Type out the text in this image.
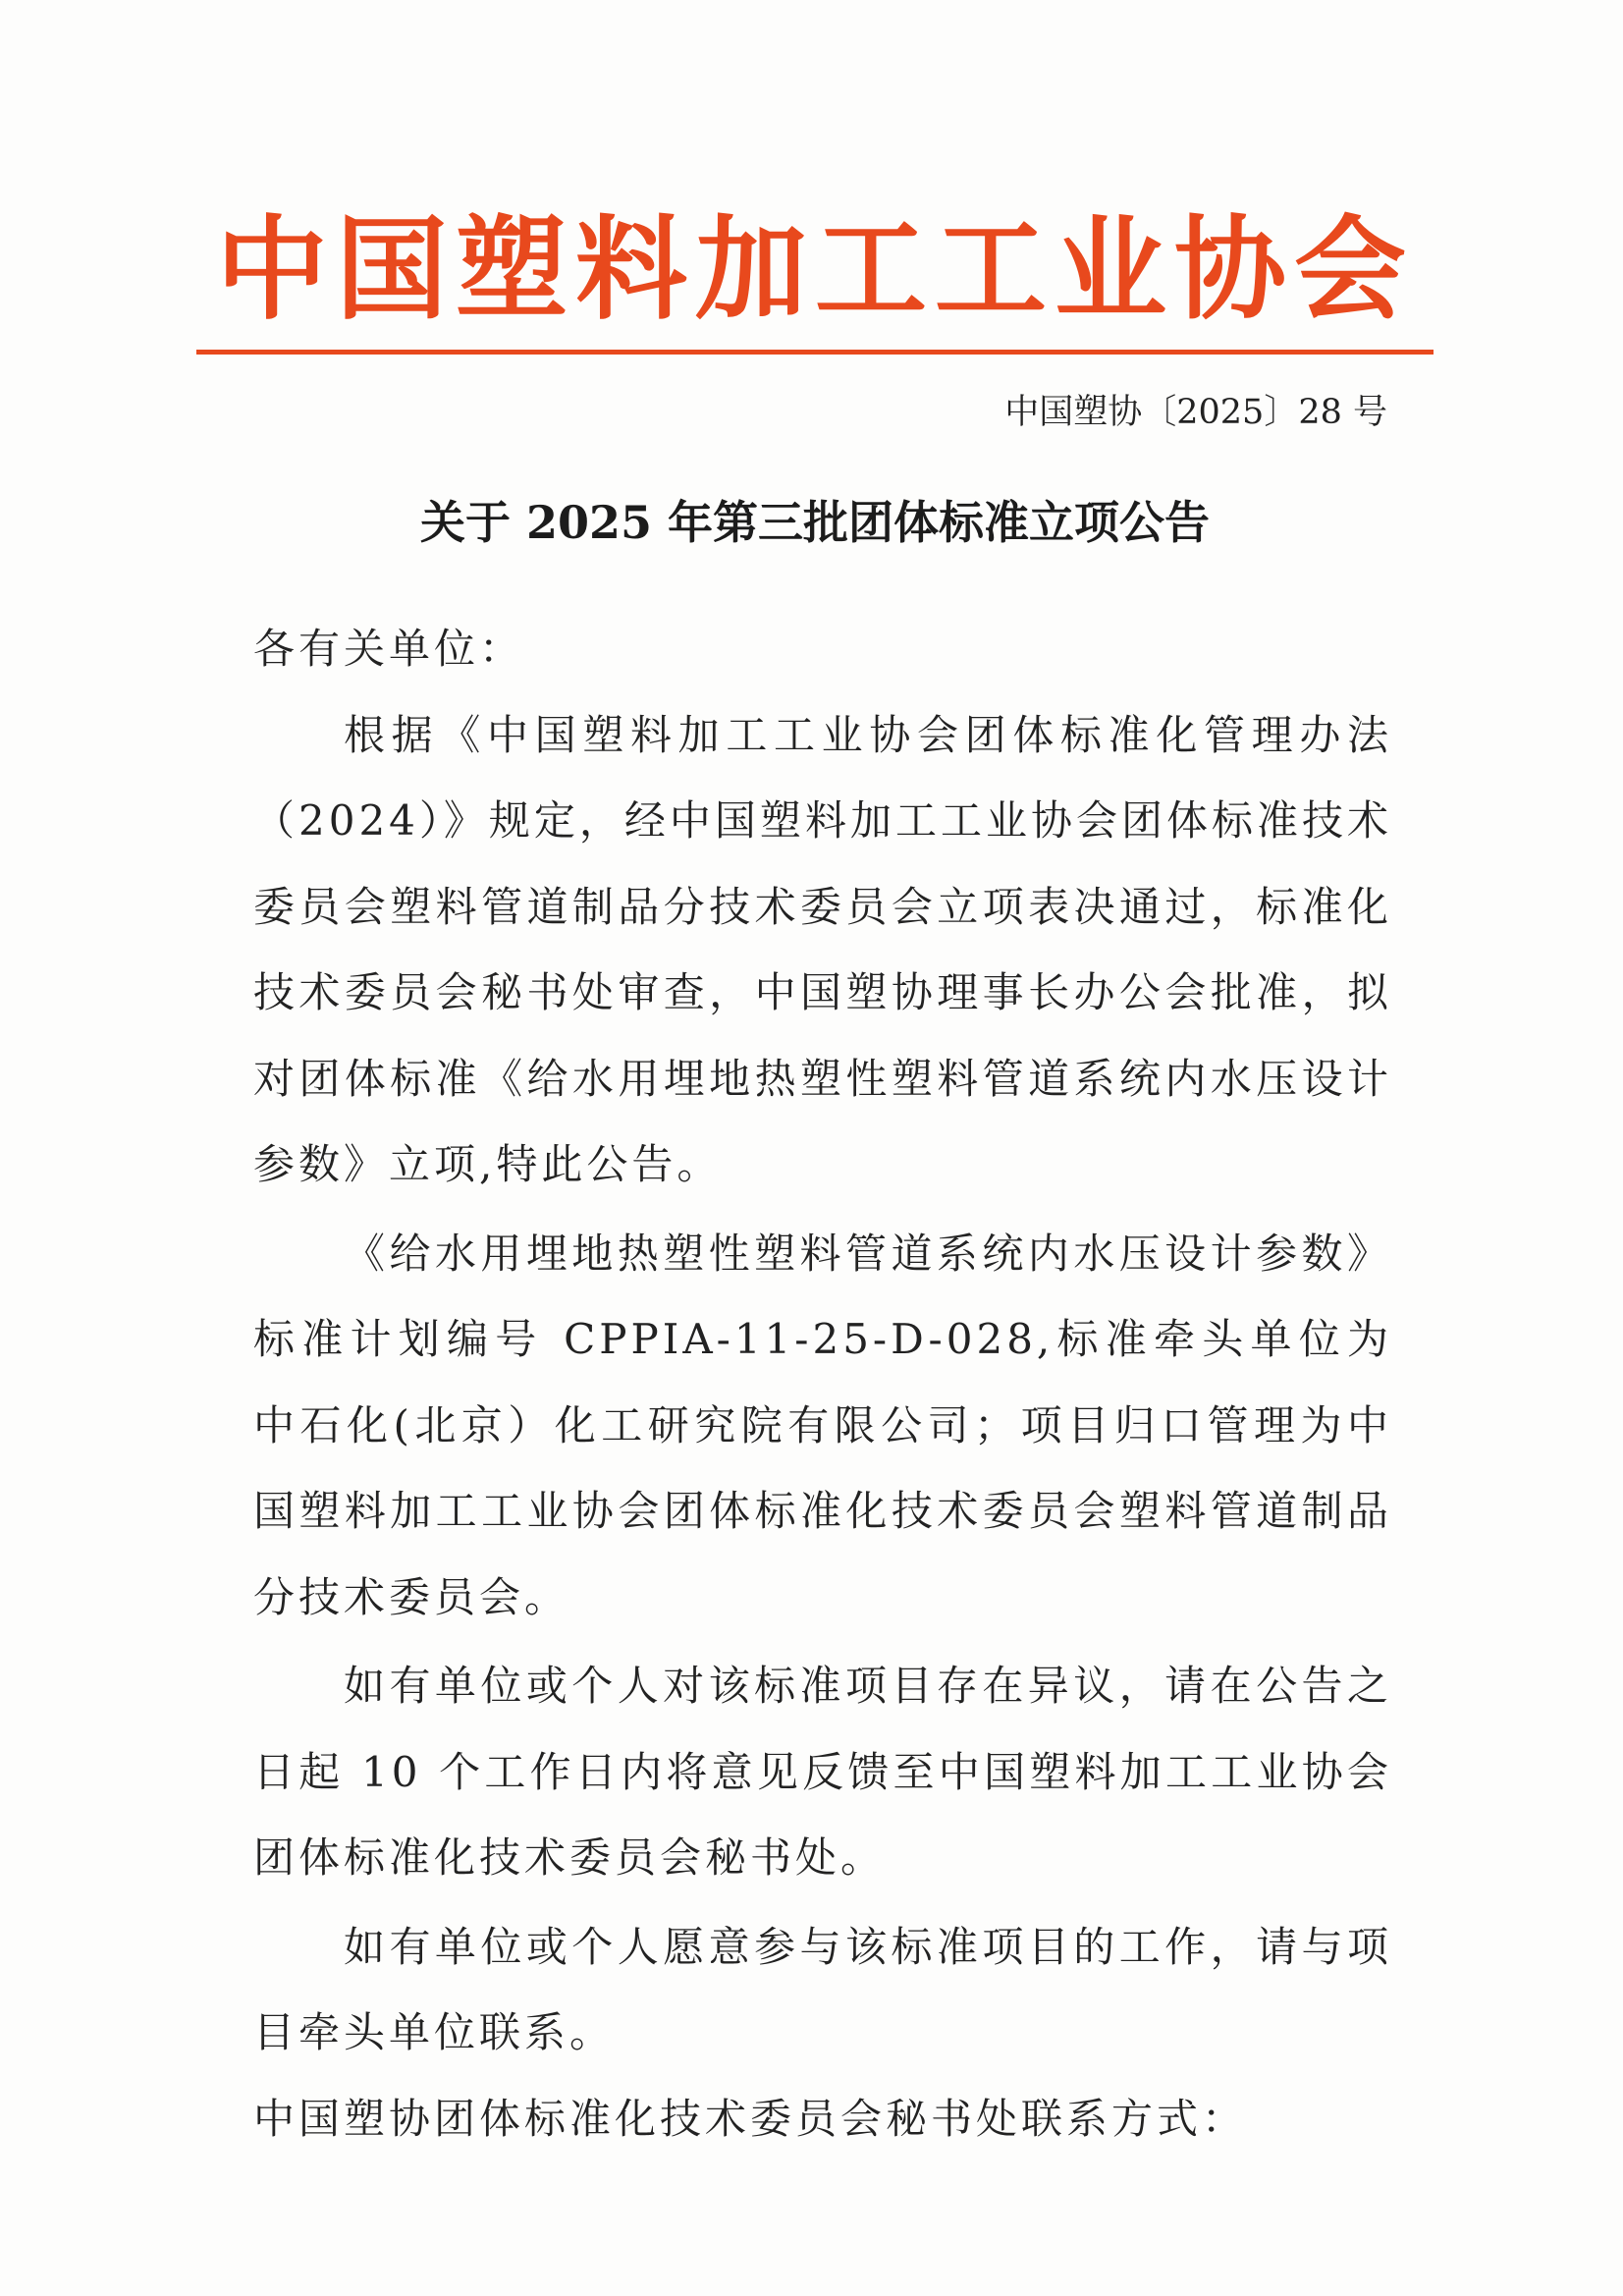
中国塑料加工工业协会
中国塑协〔2025〕28 号
关于 2025 年第三批团体标准立项公告

各有关单位：

根据《中国塑料加工工业协会团体标准化管理办法（2024）》规定，经中国塑料加工工业协会团体标准技术委员会塑料管道制品分技术委员会立项表决通过，标准化技术委员会秘书处审查，中国塑协理事长办公会批准，拟对团体标准《给水用埋地热塑性塑料管道系统内水压设计参数》立项,特此公告。

《给水用埋地热塑性塑料管道系统内水压设计参数》标准计划编号 CPPIA-11-25-D-028,标准牵头单位为中石化(北京）化工研究院有限公司；项目归口管理为中国塑料加工工业协会团体标准化技术委员会塑料管道制品分技术委员会。

如有单位或个人对该标准项目存在异议，请在公告之日起 10 个工作日内将意见反馈至中国塑料加工工业协会团体标准化技术委员会秘书处。

如有单位或个人愿意参与该标准项目的工作，请与项目牵头单位联系。

中国塑协团体标准化技术委员会秘书处联系方式：
